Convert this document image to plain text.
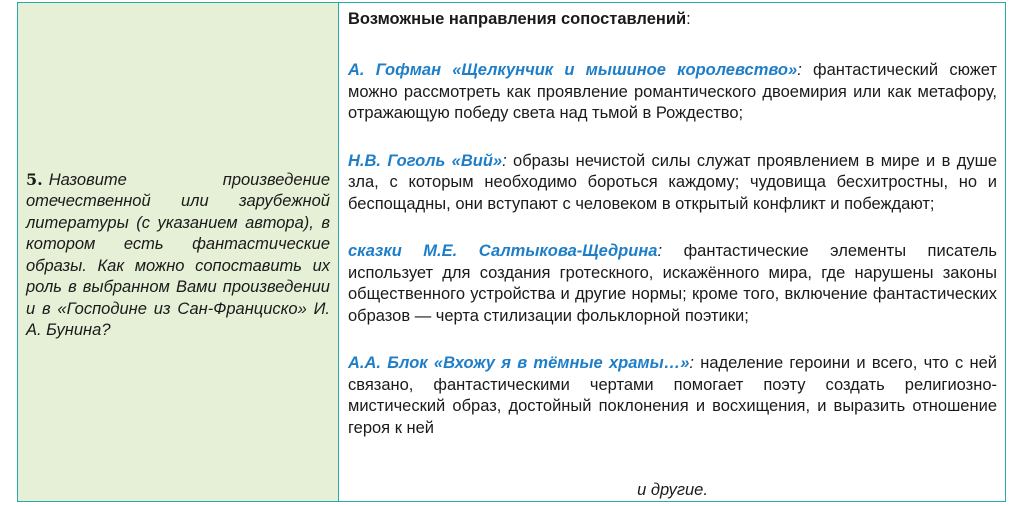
5. Назовите произведение отечественной или зарубежной литературы (с указанием автора), в котором есть фантастические образы. Как можно сопоставить их роль в выбранном Вами произведении и в «Господине из Сан-Франциско» И. А. Бунина?

Возможные направления сопоставлений:

А. Гофман «Щелкунчик и мышиное королевство»: фантастический сюжет можно рассмотреть как проявление романтического двоемирия или как метафору, отражающую победу света над тьмой в Рождество;

Н.В. Гоголь «Вий»: образы нечистой силы служат проявлением в мире и в душе зла, с которым необходимо бороться каждому; чудовища бесхитростны, но и беспощадны, они вступают с человеком в открытый конфликт и побеждают;

сказки М.Е. Салтыкова-Щедрина: фантастические элементы писатель использует для создания гротескного, искажённого мира, где нарушены законы общественного устройства и другие нормы; кроме того, включение фантастических образов — черта стилизации фольклорной поэтики;

А.А. Блок «Вхожу я в тёмные храмы…»: наделение героини и всего, что с ней связано, фантастическими чертами помогает поэту создать религиозно-мистический образ, достойный поклонения и восхищения, и выразить отношение героя к ней

и другие.
